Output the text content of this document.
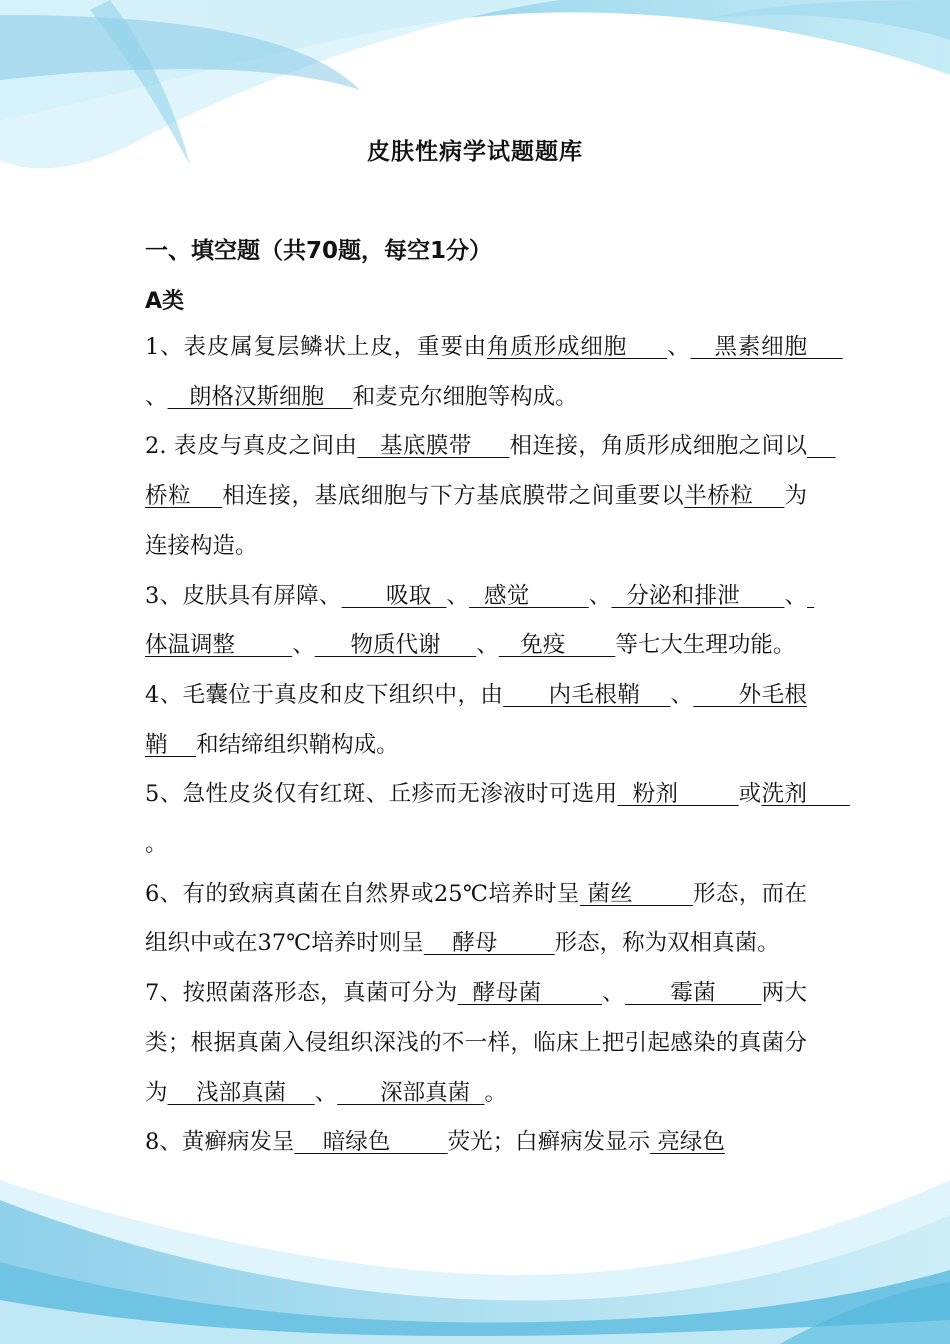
皮肤性病学试题题库
一、填空题（共70题，每空1分）
A类

1、表皮属复层鳞状上皮，重要由角质形成细胞     、   黑素细胞     、   朗格汉斯细胞    和麦克尔细胞等构成。

2. 表皮与真皮之间由   基底膜带     相连接，角质形成细胞之间以    桥粒    相连接，基底细胞与下方基底膜带之间重要以半桥粒    为连接构造。

3、皮肤具有屏障、      吸取  、  感觉        、  分泌和排泄      、 体温调整        、     物质代谢     、   免疫       等七大生理功能。

4、毛囊位于真皮和皮下组织中，由      内毛根鞘    、      外毛根鞘    和结缔组织鞘构成。

5、急性皮炎仅有红斑、丘疹而无渗液时可选用  粉剂        或洗剂      。

6、有的致病真菌在自然界或25℃培养时呈 菌丝        形态，而在组织中或在37℃培养时则呈    酵母        形态，称为双相真菌。

7、按照菌落形态，真菌可分为  酵母菌        、      霉菌      两大类；根据真菌入侵组织深浅的不一样，临床上把引起感染的真菌分为    浅部真菌    、      深部真菌  。

8、黄癣病发呈    暗绿色        荧光；白癣病发显示 亮绿色
